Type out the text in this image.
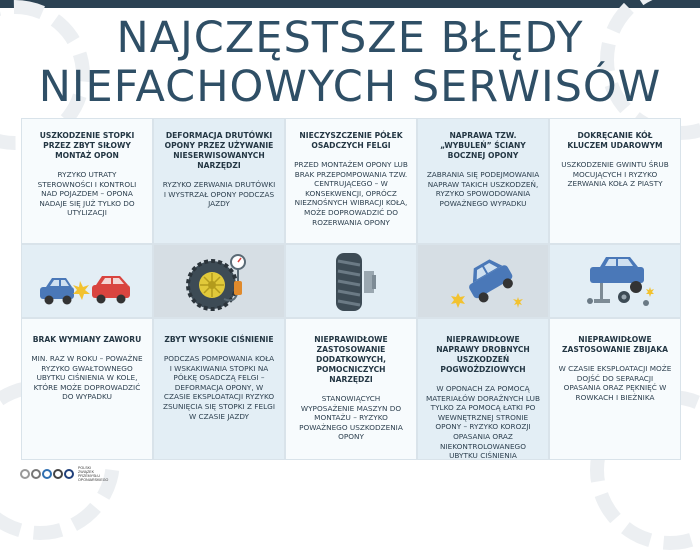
NAJCZĘSTSZE BŁĘDY
NIEFACHOWYCH SERWISÓW

USZKODZENIE STOPKI PRZEZ ZBYT SIŁOWY MONTAŻ OPON

RYZYKO UTRATY STEROWNOŚCI I KONTROLI NAD POJAZDEM – OPONA NADAJE SIĘ JUŻ TYLKO DO UTYLIZACJI

BRAK WYMIANY ZAWORU

MIN. RAZ W ROKU – POWAŻNE RYZYKO GWAŁTOWNEGO UBYTKU CIŚNIENIA W KOLE, KTÓRE MOŻE DOPROWADZIĆ DO WYPADKU

DEFORMACJA DRUTÓWKI OPONY PRZEZ UŻYWANIE NIESERWISOWANYCH NARZĘDZI

RYZYKO ZERWANIA DRUTÓWKI I WYSTRZAŁ OPONY PODCZAS JAZDY

ZBYT WYSOKIE CIŚNIENIE

PODCZAS POMPOWANIA KOŁA I WSKAKIWANIA STOPKI NA PÓŁKĘ OSADCZĄ FELGI – DEFORMACJA OPONY, W CZASIE EKSPLOATACJI RYZYKO ZSUNIĘCIA SIĘ STOPKI Z FELGI W CZASIE JAZDY

NIECZYSZCZENIE PÓŁEK OSADCZYCH FELGI

PRZED MONTAŻEM OPONY LUB BRAK PRZEPOMPOWANIA TZW. CENTRUJĄCEGO – W KONSEKWENCJI, OPRÓCZ NIEZNOŚNYCH WIBRACJI KOŁA, MOŻE DOPROWADZIĆ DO ROZERWANIA OPONY

NIEPRAWIDŁOWE ZASTOSOWANIE DODATKOWYCH, POMOCNICZYCH NARZĘDZI

STANOWIĄCYCH WYPOSAŻENIE MASZYN DO MONTAŻU – RYZYKO POWAŻNEGO USZKODZENIA OPONY

NAPRAWA TZW. „WYBULEŃ” ŚCIANY BOCZNEJ OPONY

ZABRANIA SIĘ PODEJMOWANIA NAPRAW TAKICH USZKODZEŃ, RYZYKO SPOWODOWANIA POWAŻNEGO WYPADKU

NIEPRAWIDŁOWE NAPRAWY DROBNYCH USZKODZEŃ POGWOŹDZIOWYCH

W OPONACH ZA POMOCĄ MATERIAŁÓW DORAŹNYCH LUB TYLKO ZA POMOCĄ ŁATKI PO WEWNĘTRZNEJ STRONIE OPONY – RYZYKO KOROZJI OPASANIA ORAZ NIEKONTROLOWANEGO UBYTKU CIŚNIENIA

DOKRĘCANIE KÓŁ KLUCZEM UDAROWYM

USZKODZENIE GWINTU ŚRUB MOCUJĄCYCH I RYZYKO ZERWANIA KOŁA Z PIASTY

NIEPRAWIDŁOWE ZASTOSOWANIE ZBIJAKA

W CZASIE EKSPLOATACJI MOŻE DOJŚĆ DO SEPARACJI OPASANIA ORAZ PĘKNIĘĆ W ROWKACH I BIEŻNIKA

POLSKI
ZWIĄZEK
PRZEMYSŁU
OPONIARSKIEGO
